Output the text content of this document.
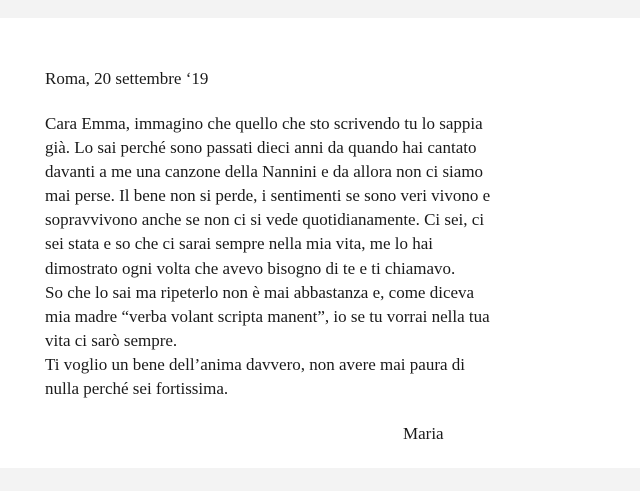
Roma, 20 settembre ‘19
Cara Emma, immagino che quello che sto scrivendo tu lo sappia
già. Lo sai perché sono passati dieci anni da quando hai cantato
davanti a me una canzone della Nannini e da allora non ci siamo
mai perse. Il bene non si perde, i sentimenti se sono veri vivono e
sopravvivono anche se non ci si vede quotidianamente. Ci sei, ci
sei stata e so che ci sarai sempre nella mia vita, me lo hai
dimostrato ogni volta che avevo bisogno di te e ti chiamavo.
So che lo sai ma ripeterlo non è mai abbastanza e, come diceva
mia madre “verba volant scripta manent”, io se tu vorrai nella tua
vita ci sarò sempre.
Ti voglio un bene dell’anima davvero, non avere mai paura di
nulla perché sei fortissima.
Maria
